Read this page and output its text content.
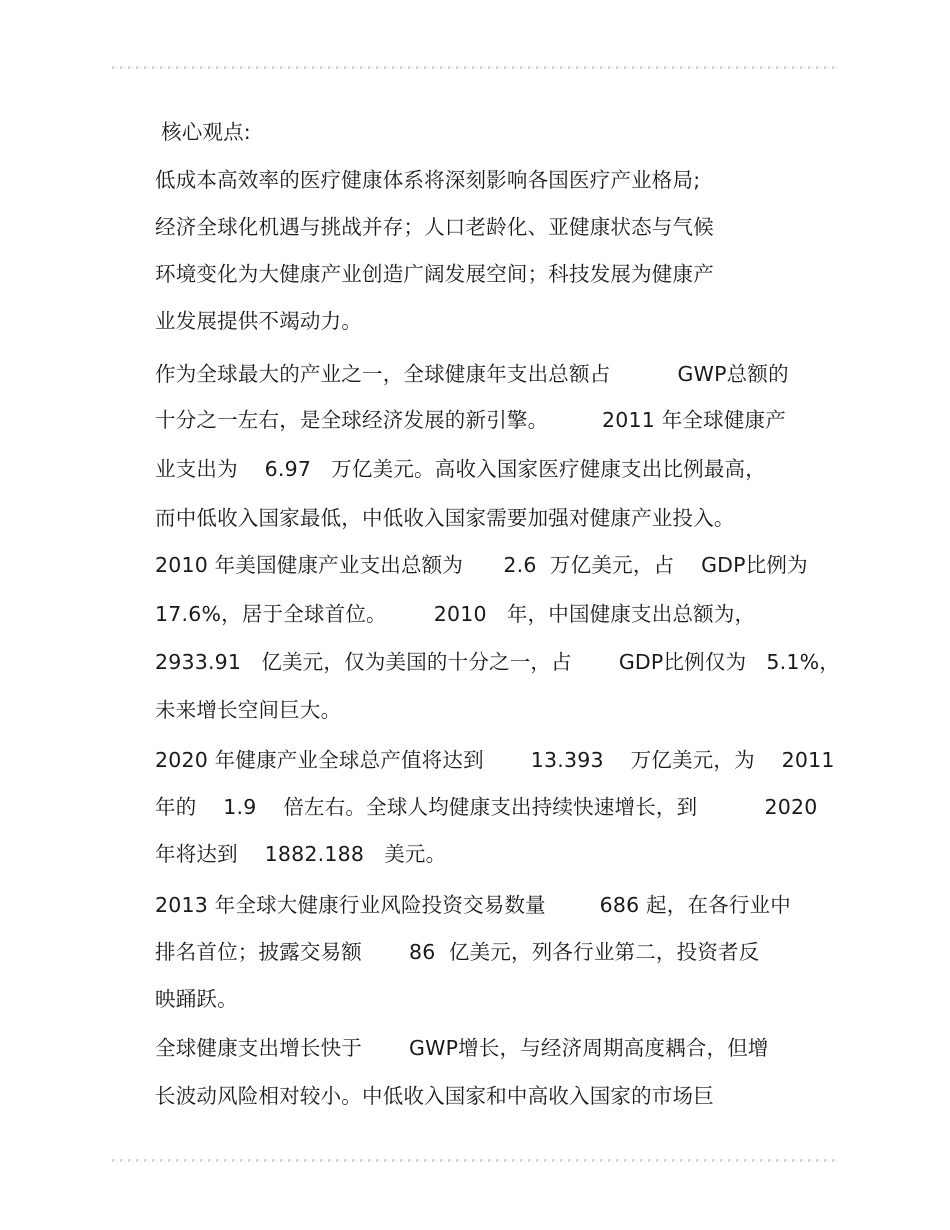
核心观点:
低成本高效率的医疗健康体系将深刻影响各国医疗产业格局;
经济全球化机遇与挑战并存；人口老龄化、亚健康状态与气候
环境变化为大健康产业创造广阔发展空间；科技发展为健康产
业发展提供不竭动力。
作为全球最大的产业之一，全球健康年支出总额占          GWP总额的
十分之一左右，是全球经济发展的新引擎。        2011 年全球健康产
业支出为    6.97   万亿美元。高收入国家医疗健康支出比例最高，
而中低收入国家最低，中低收入国家需要加强对健康产业投入。
2010 年美国健康产业支出总额为      2.6  万亿美元，占    GDP比例为
17.6%，居于全球首位。       2010   年，中国健康支出总额为，
2933.91   亿美元，仅为美国的十分之一，占       GDP比例仅为   5.1%，
未来增长空间巨大。
2020 年健康产业全球总产值将达到       13.393    万亿美元，为    2011
年的    1.9    倍左右。全球人均健康支出持续快速增长，到          2020
年将达到    1882.188   美元。
2013 年全球大健康行业风险投资交易数量        686 起，在各行业中
排名首位；披露交易额       86  亿美元，列各行业第二，投资者反
映踊跃。
全球健康支出增长快于       GWP增长，与经济周期高度耦合，但增
长波动风险相对较小。中低收入国家和中高收入国家的市场巨
